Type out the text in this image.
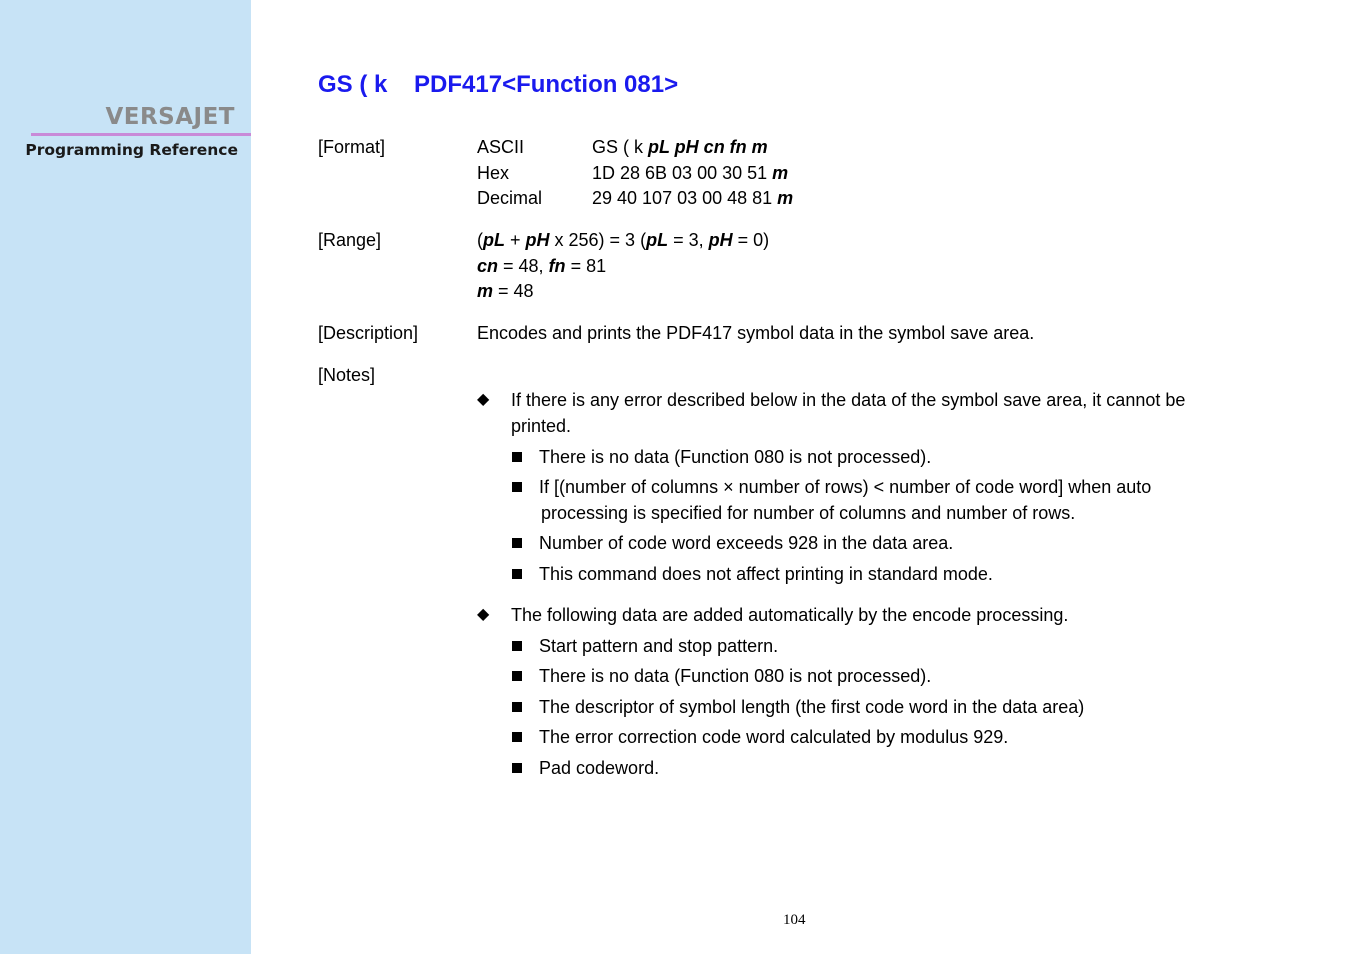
VERSAJET
Programming Reference
GS ( k    PDF417<Function 081>
[Format]	ASCII	GS ( k pL pH cn fn m
Hex	1D 28 6B 03 00 30 51 m
Decimal	29 40 107 03 00 48 81 m
[Range]	(pL + pH x 256) = 3 (pL = 3, pH = 0)
cn = 48, fn = 81
m = 48
[Description]	Encodes and prints the PDF417 symbol data in the symbol save area.
[Notes]
◆ If there is any error described below in the data of the symbol save area, it cannot be
printed.
There is no data (Function 080 is not processed).
If [(number of columns × number of rows) < number of code word] when auto
processing is specified for number of columns and number of rows.
Number of code word exceeds 928 in the data area.
This command does not affect printing in standard mode.
◆ The following data are added automatically by the encode processing.
Start pattern and stop pattern.
There is no data (Function 080 is not processed).
The descriptor of symbol length (the first code word in the data area)
The error correction code word calculated by modulus 929.
Pad codeword.
104
